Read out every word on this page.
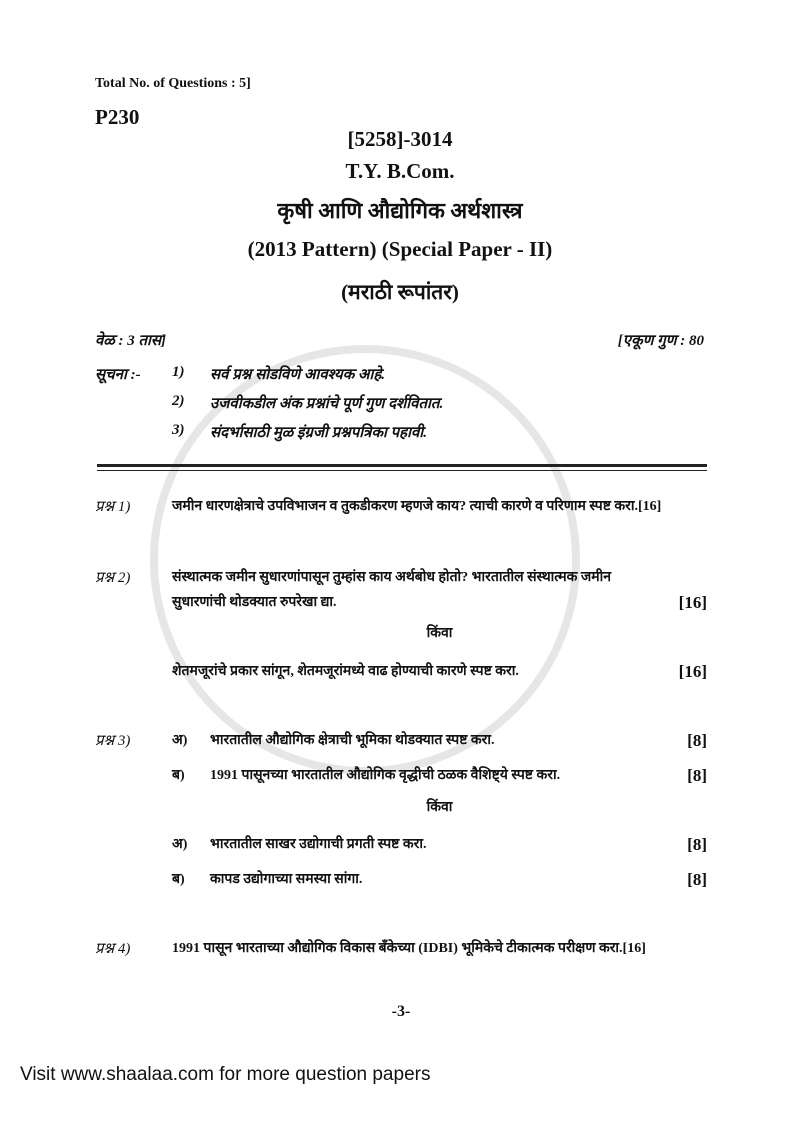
Total No. of Questions : 5]
P230
[5258]-3014
T.Y. B.Com.
कृषी आणि औद्योगिक अर्थशास्त्र
(2013 Pattern) (Special Paper - II)
(मराठी रूपांतर)
वेळ : 3 तास]	[एकूण गुण : 80
सूचना :- 1) सर्व प्रश्न सोडविणे आवश्यक आहे.
2) उजवीकडील अंक प्रश्नांचे पूर्ण गुण दर्शवितात.
3) संदर्भासाठी मुळ इंग्रजी प्रश्नपत्रिका पहावी.
प्रश्न 1)	जमीन धारणक्षेत्राचे उपविभाजन व तुकडीकरण म्हणजे काय? त्याची कारणे व परिणाम स्पष्ट करा.[16]
प्रश्न 2)	संस्थात्मक जमीन सुधारणांपासून तुम्हांस काय अर्थबोध होतो? भारतातील संस्थात्मक जमीन
सुधारणांची थोडक्यात रुपरेखा द्या.	[16]
किंवा
शेतमजूरांचे प्रकार सांगून, शेतमजूरांमध्ये वाढ होण्याची कारणे स्पष्ट करा.	[16]
प्रश्न 3)	अ)	भारतातील औद्योगिक क्षेत्राची भूमिका थोडक्यात स्पष्ट करा.	[8]
ब)	1991 पासूनच्या भारतातील औद्योगिक वृद्धीची ठळक वैशिष्ट्ये स्पष्ट करा.	[8]
किंवा
अ)	भारतातील साखर उद्योगाची प्रगती स्पष्ट करा.	[8]
ब)	कापड उद्योगाच्या समस्या सांगा.	[8]
प्रश्न 4)	1991 पासून भारताच्या औद्योगिक विकास बँकेच्या (IDBI) भूमिकेचे टीकात्मक परीक्षण करा.[16]
-3-
Visit www.shaalaa.com for more question papers
